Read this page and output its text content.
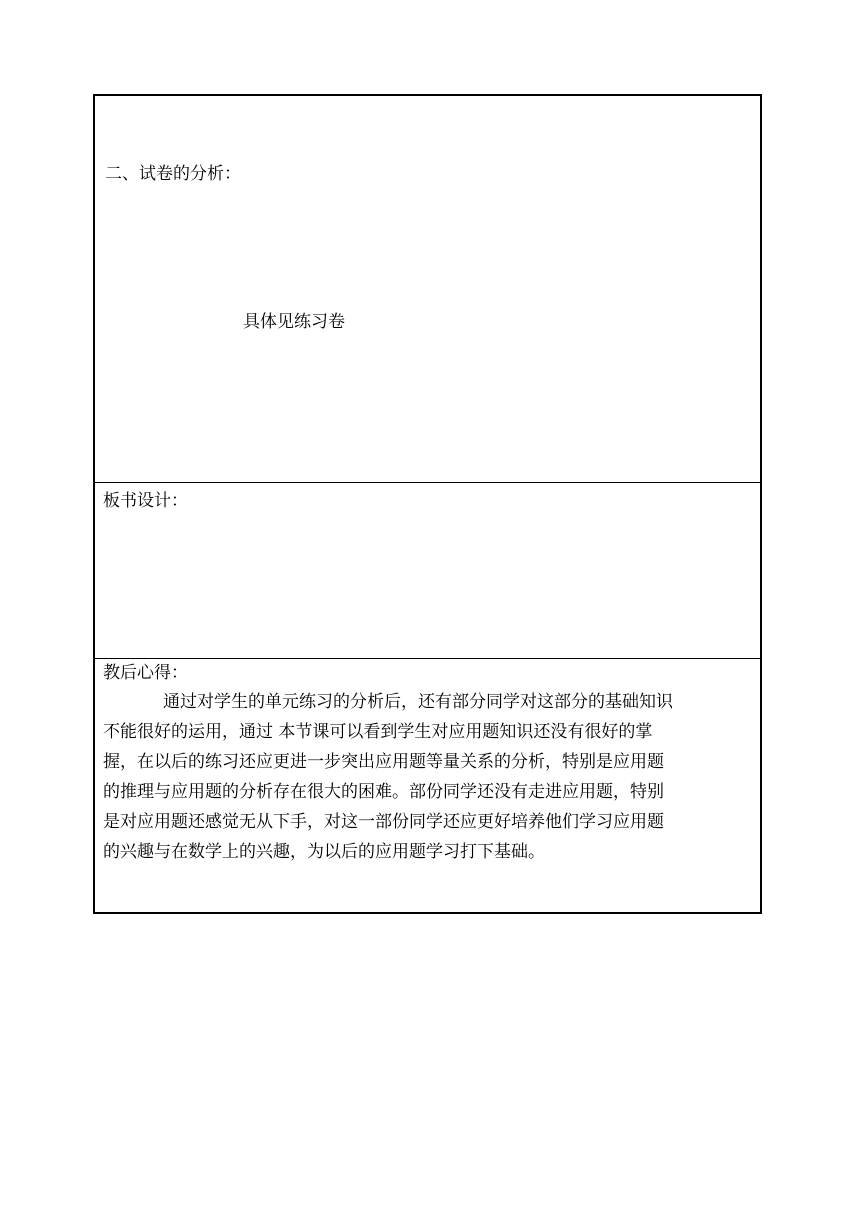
二、试卷的分析：
具体见练习卷
板书设计：
教后心得：
通过对学生的单元练习的分析后，还有部分同学对这部分的基础知识
不能很好的运用，通过 本节课可以看到学生对应用题知识还没有很好的掌
握，在以后的练习还应更进一步突出应用题等量关系的分析，特别是应用题
的推理与应用题的分析存在很大的困难。部份同学还没有走进应用题，特别
是对应用题还感觉无从下手，对这一部份同学还应更好培养他们学习应用题
的兴趣与在数学上的兴趣，为以后的应用题学习打下基础。
